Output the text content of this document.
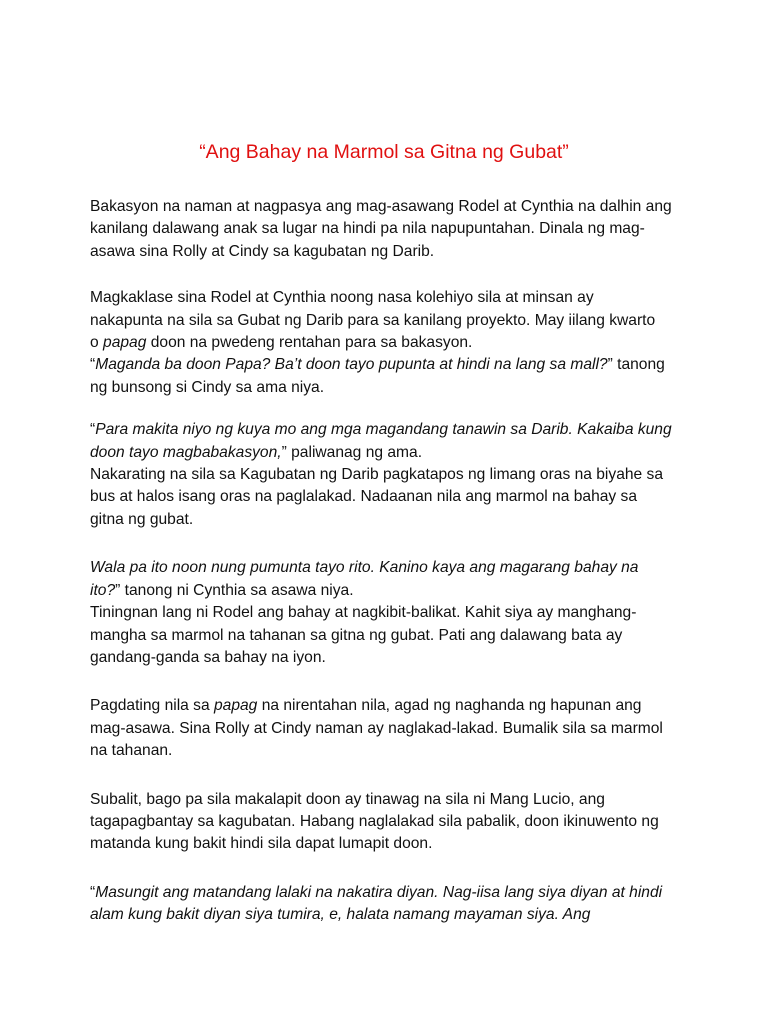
“Ang Bahay na Marmol sa Gitna ng Gubat”

Bakasyon na naman at nagpasya ang mag-asawang Rodel at Cynthia na dalhin ang
kanilang dalawang anak sa lugar na hindi pa nila napupuntahan. Dinala ng mag-
asawa sina Rolly at Cindy sa kagubatan ng Darib.

Magkaklase sina Rodel at Cynthia noong nasa kolehiyo sila at minsan ay
nakapunta na sila sa Gubat ng Darib para sa kanilang proyekto. May iilang kwarto
o papag doon na pwedeng rentahan para sa bakasyon.
“Maganda ba doon Papa? Ba’t doon tayo pupunta at hindi na lang sa mall?” tanong
ng bunsong si Cindy sa ama niya.

“Para makita niyo ng kuya mo ang mga magandang tanawin sa Darib. Kakaiba kung
doon tayo magbabakasyon,” paliwanag ng ama.
Nakarating na sila sa Kagubatan ng Darib pagkatapos ng limang oras na biyahe sa
bus at halos isang oras na paglalakad. Nadaanan nila ang marmol na bahay sa
gitna ng gubat.

Wala pa ito noon nung pumunta tayo rito. Kanino kaya ang magarang bahay na
ito?” tanong ni Cynthia sa asawa niya.
Tiningnan lang ni Rodel ang bahay at nagkibit-balikat. Kahit siya ay manghang-
mangha sa marmol na tahanan sa gitna ng gubat. Pati ang dalawang bata ay
gandang-ganda sa bahay na iyon.

Pagdating nila sa papag na nirentahan nila, agad ng naghanda ng hapunan ang
mag-asawa. Sina Rolly at Cindy naman ay naglakad-lakad. Bumalik sila sa marmol
na tahanan.

Subalit, bago pa sila makalapit doon ay tinawag na sila ni Mang Lucio, ang
tagapagbantay sa kagubatan. Habang naglalakad sila pabalik, doon ikinuwento ng
matanda kung bakit hindi sila dapat lumapit doon.

“Masungit ang matandang lalaki na nakatira diyan. Nag-iisa lang siya diyan at hindi
alam kung bakit diyan siya tumira, e, halata namang mayaman siya. Ang
